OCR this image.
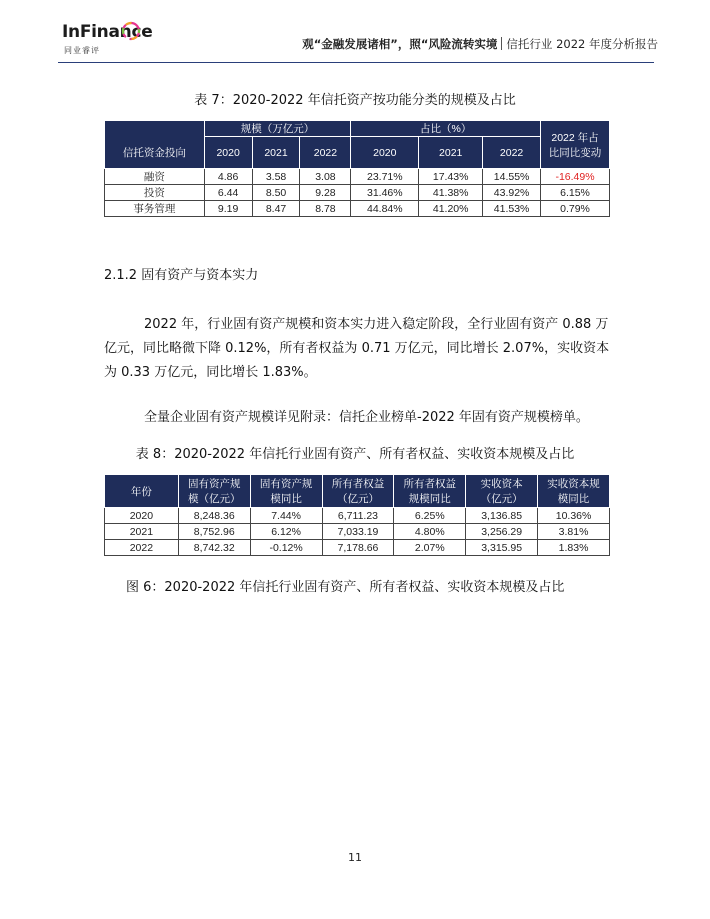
InFinance
同业睿评	观“金融发展诸相”，照“风险流转实境 信托行业 2022 年度分析报告
表 7：2020-2022 年信托资产按功能分类的规模及占比
信托资金投向	规模（万亿元）			占比（%）			2022 年占比同比变动
	2020	2021	2022	2020	2021	2022	
融资	4.86	3.58	3.08	23.71%	17.43%	14.55%	-16.49%
投资	6.44	8.50	9.28	31.46%	41.38%	43.92%	6.15%
事务管理	9.19	8.47	8.78	44.84%	41.20%	41.53%	0.79%
2.1.2 固有资产与资本实力
2022 年，行业固有资产规模和资本实力进入稳定阶段，全行业固有资产 0.88 万亿元，同比略微下降 0.12%，所有者权益为 0.71 万亿元，同比增长 2.07%，实收资本为 0.33 万亿元，同比增长 1.83%。
全量企业固有资产规模详见附录：信托企业榜单-2022 年固有资产规模榜单。
表 8：2020-2022 年信托行业固有资产、所有者权益、实收资本规模及占比
年份	固有资产规模（亿元）	固有资产规模同比	所有者权益（亿元）	所有者权益规模同比	实收资本（亿元）	实收资本规模同比
2020	8,248.36	7.44%	6,711.23	6.25%	3,136.85	10.36%
2021	8,752.96	6.12%	7,033.19	4.80%	3,256.29	3.81%
2022	8,742.32	-0.12%	7,178.66	2.07%	3,315.95	1.83%
图 6：2020-2022 年信托行业固有资产、所有者权益、实收资本规模及占比
11
